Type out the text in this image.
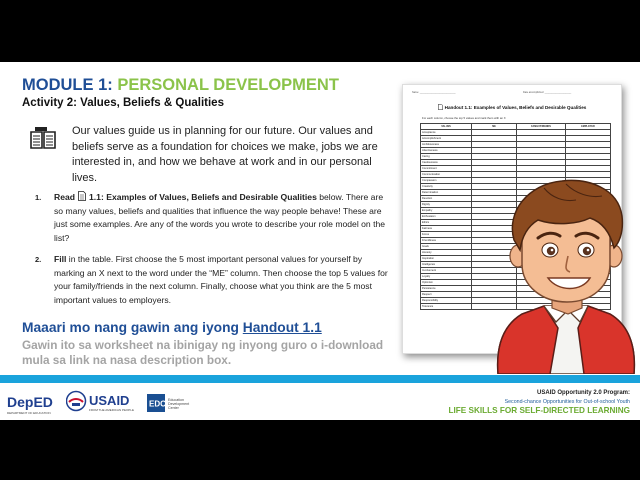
MODULE 1: PERSONAL DEVELOPMENT
Activity 2: Values, Beliefs & Qualities
Our values guide us in planning for our future. Our values and beliefs serve as a foundation for choices we make, jobs we are interested in, and how we behave at work and in our personal lives.
1. Read 1.1: Examples of Values, Beliefs and Desirable Qualities below. There are so many values, beliefs and qualities that influence the way people behave! These are just some examples. Are any of the words you wrote to describe your role model on the list?
2. Fill in the table. First choose the 5 most important personal values for yourself by marking an X next to the word under the “ME” column. Then choose the top 5 values for your family/friends in the next column. Finally, choose what you think are the 5 most important values to employers.
Maaari mo nang gawin ang iyong Handout 1.1
Gawin ito sa worksheet na ibinigay ng inyong guro o i-download mula sa link na nasa description box.
Name: ___________________________	Date accomplished: ____________________
Handout 1.1: Examples of Values, Beliefs and Desirable Qualities
For each column, choose the top 5 values and mark them with an X
VALUES	ME	FAMILY/FRIENDS	EMPLOYER
Acceptance			
Accomplishment			
Ambitiousness			
Attentiveness			
Caring			
Cautiousness			
Commitment			
Communication			
Compassion			
Creativity			
Determination			
Devotion			
Dignity			
Empathy			
Enthusiasm			
Ethics			
Fairness			
Focus			
Friendliness			
Goals			
Honesty			
Inspiration			
Intelligence			
Involvement			
Loyalty			
Optimism			
Persistence			
Respect			
Responsibility			
Tolerance			
DepED
DEPARTMENT OF EDUCATION
USAID
FROM THE AMERICAN PEOPLE
EDC Education
Development
Center
USAID Opportunity 2.0 Program:
Second-chance Opportunities for Out-of-school Youth
LIFE SKILLS FOR SELF-DIRECTED LEARNING
